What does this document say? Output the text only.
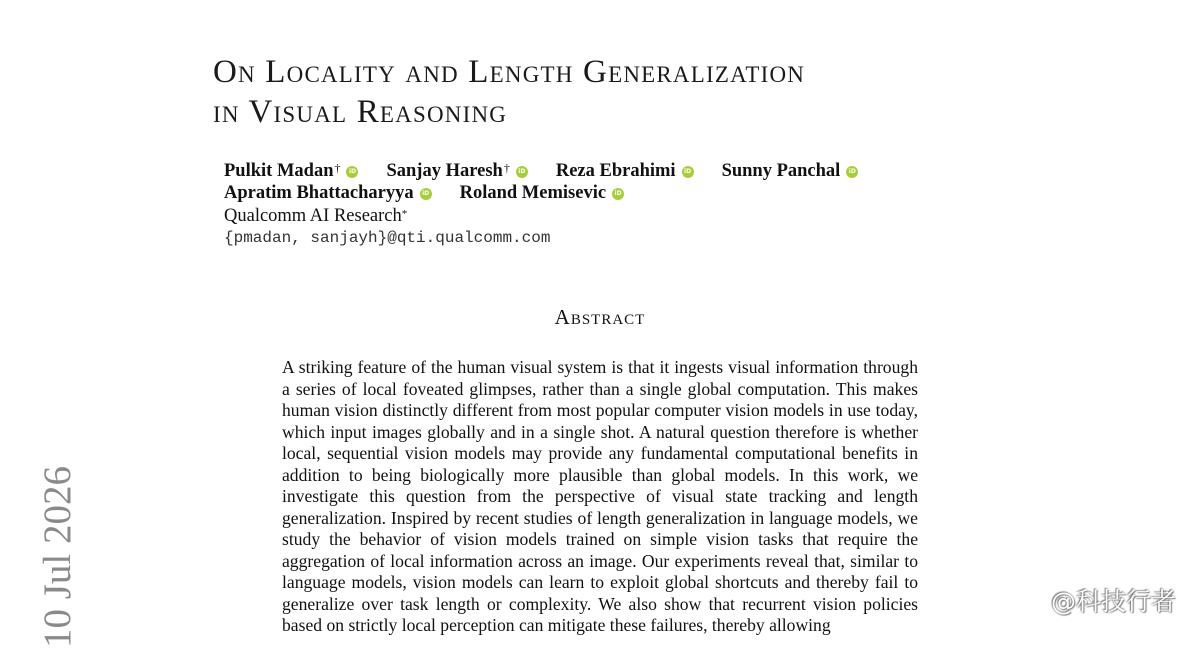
On Locality and Length Generalization
in Visual Reasoning
Pulkit Madan† iD Sanjay Haresh† iD Reza Ebrahimi iD Sunny Panchal iD
Apratim Bhattacharyya iD Roland Memisevic iD
Qualcomm AI Research*
{pmadan, sanjayh}@qti.qualcomm.com
Abstract

A striking feature of the human visual system is that it ingests visual information through a series of local foveated glimpses, rather than a single global computation. This makes human vision distinctly different from most popular computer vision models in use today, which input images globally and in a single shot. A natural question therefore is whether local, sequential vision models may provide any fundamental computational benefits in addition to being biologically more plausible than global models. In this work, we investigate this question from the perspective of visual state tracking and length generalization. Inspired by recent studies of length generalization in language models, we study the behavior of vision models trained on simple vision tasks that require the aggregation of local information across an image. Our experiments reveal that, similar to language models, vision models can learn to exploit global shortcuts and thereby fail to generalize over task length or complexity. We also show that recurrent vision policies based on strictly local perception can mitigate these failures, thereby allowing

10 Jul 2026	@科技行者
